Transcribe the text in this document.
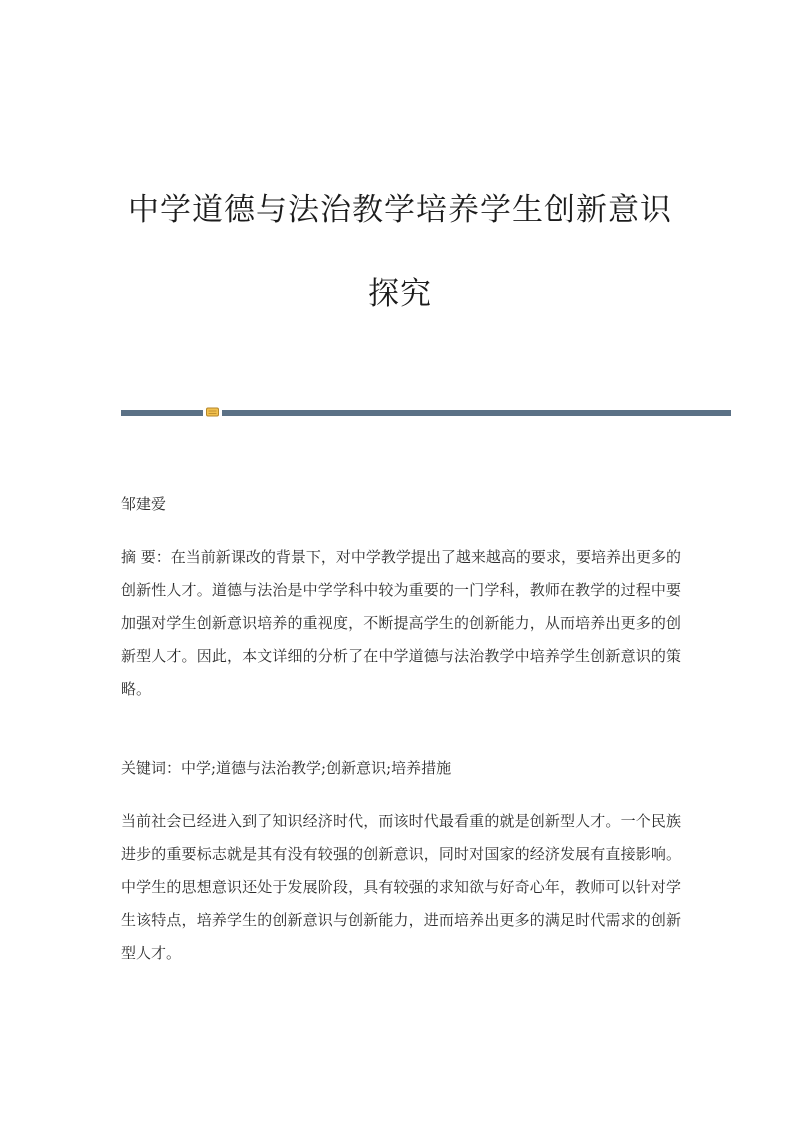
中学道德与法治教学培养学生创新意识
探究
邹建爱
摘 要：在当前新课改的背景下，对中学教学提出了越来越高的要求，要培养出更多的创新性人才。道德与法治是中学学科中较为重要的一门学科，教师在教学的过程中要加强对学生创新意识培养的重视度，不断提高学生的创新能力，从而培养出更多的创新型人才。因此，本文详细的分析了在中学道德与法治教学中培养学生创新意识的策略。
关键词：中学;道德与法治教学;创新意识;培养措施
当前社会已经进入到了知识经济时代，而该时代最看重的就是创新型人才。一个民族进步的重要标志就是其有没有较强的创新意识，同时对国家的经济发展有直接影响。中学生的思想意识还处于发展阶段，具有较强的求知欲与好奇心年，教师可以针对学生该特点，培养学生的创新意识与创新能力，进而培养出更多的满足时代需求的创新型人才。
